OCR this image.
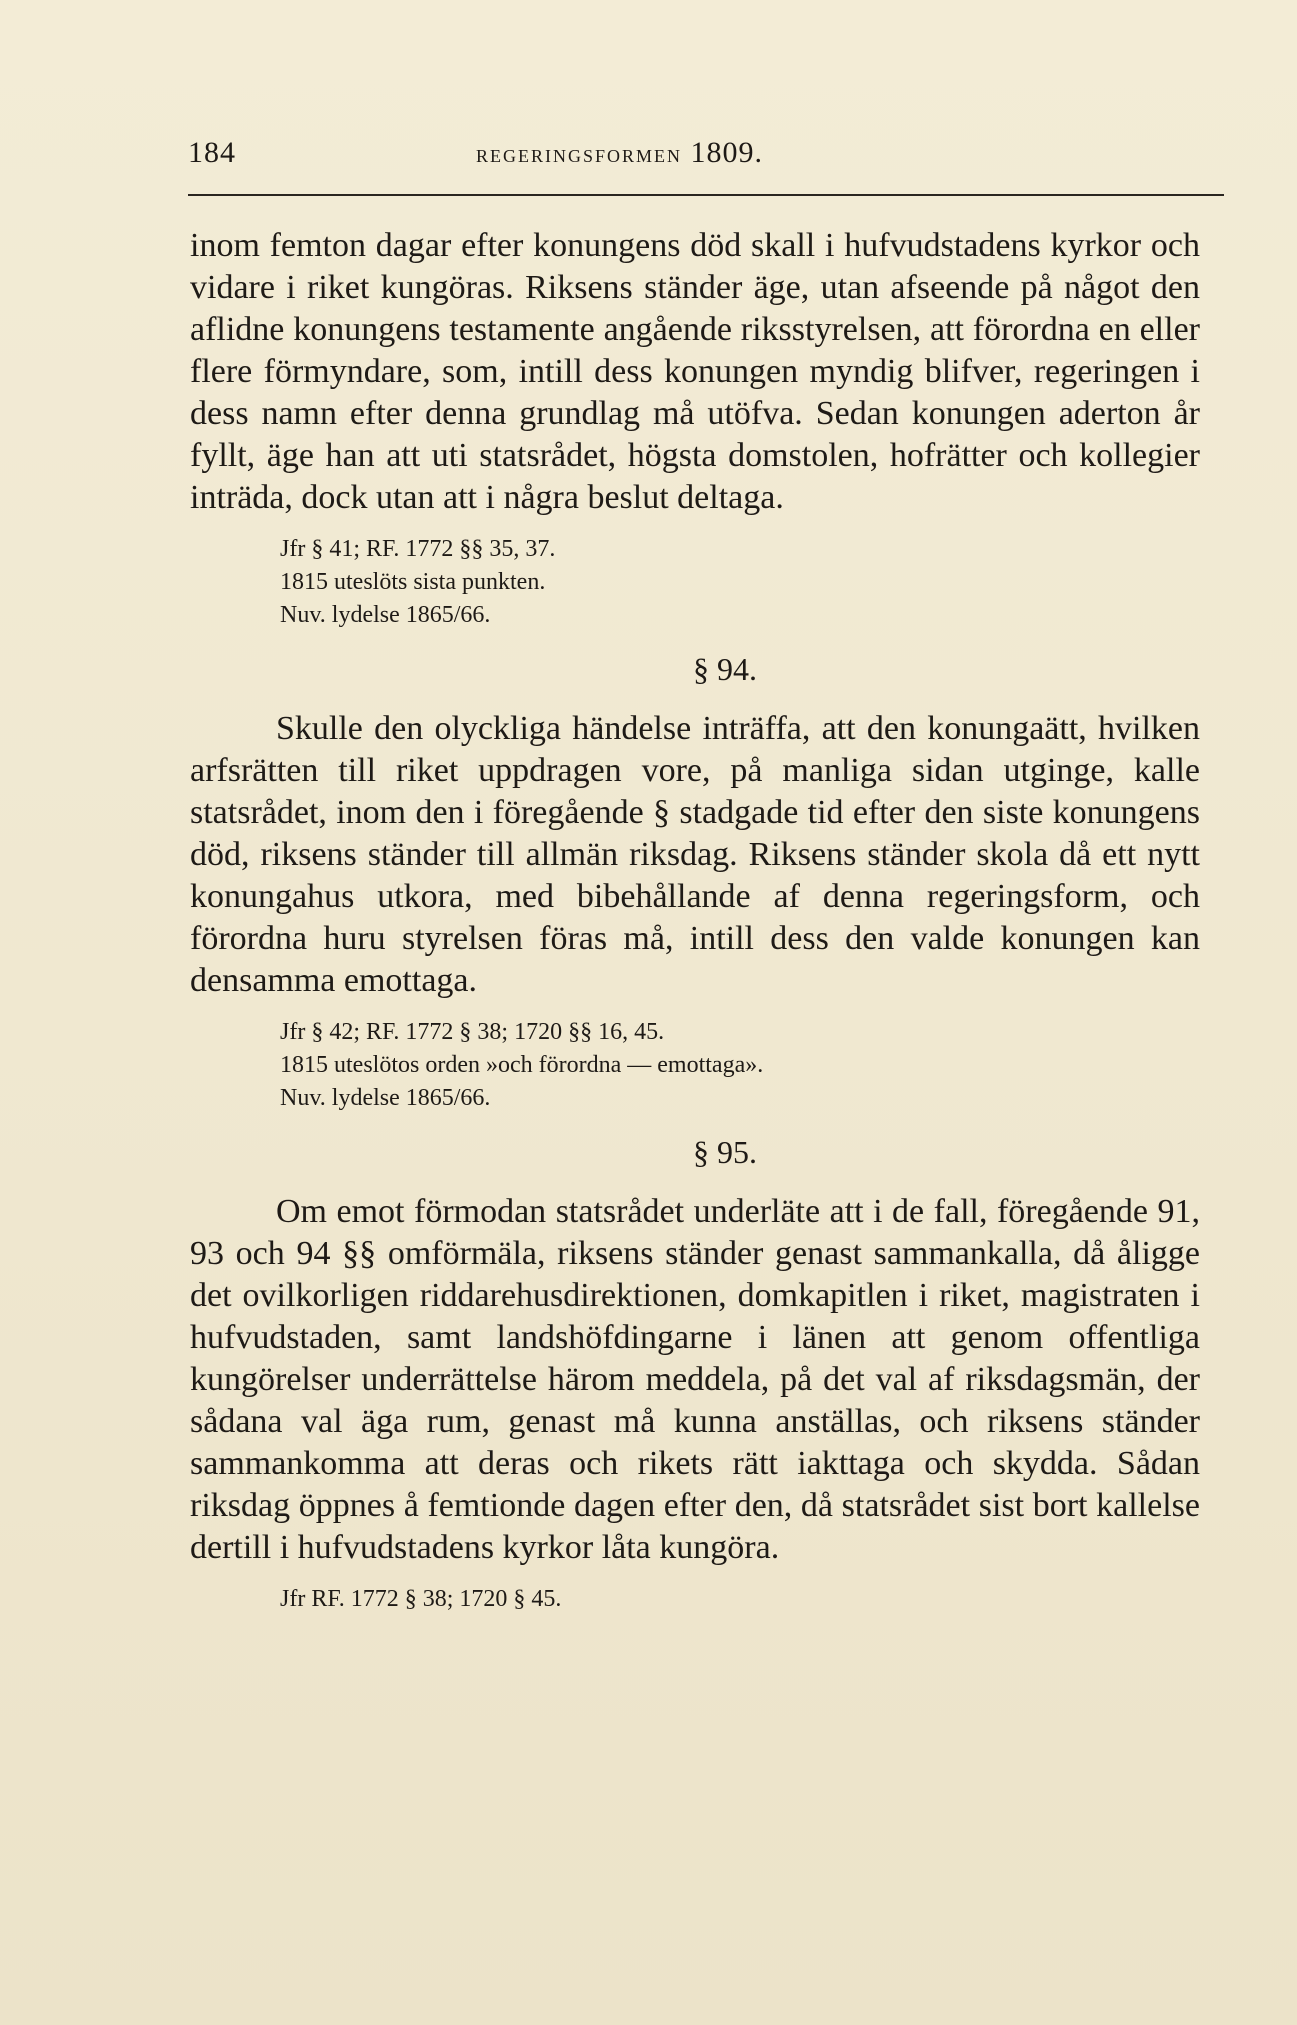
184	REGERINGSFORMEN 1809.

inom femton dagar efter konungens död skall i hufvudstadens kyrkor och vidare i riket kungöras. Riksens ständer äge, utan afseende på något den aflidne konungens testamente angående riksstyrelsen, att förordna en eller flere förmyndare, som, intill dess konungen myndig blifver, regeringen i dess namn efter denna grundlag må utöfva. Sedan konungen aderton år fyllt, äge han att uti statsrådet, högsta domstolen, hofrätter och kollegier inträda, dock utan att i några beslut deltaga.

Jfr § 41; RF. 1772 §§ 35, 37.
1815 uteslöts sista punkten.
Nuv. lydelse 1865/66.
§ 94.

Skulle den olyckliga händelse inträffa, att den konungaätt, hvilken arfsrätten till riket uppdragen vore, på manliga sidan utginge, kalle statsrådet, inom den i föregående § stadgade tid efter den siste konungens död, riksens ständer till allmän riksdag. Riksens ständer skola då ett nytt konungahus utkora, med bibehållande af denna regeringsform, och förordna huru styrelsen föras må, intill dess den valde konungen kan densamma emottaga.

Jfr § 42; RF. 1772 § 38; 1720 §§ 16, 45.
1815 uteslötos orden »och förordna — emottaga».
Nuv. lydelse 1865/66.
§ 95.

Om emot förmodan statsrådet underläte att i de fall, föregående 91, 93 och 94 §§ omförmäla, riksens ständer genast sammankalla, då åligge det ovilkorligen riddarehusdirektionen, domkapitlen i riket, magistraten i hufvudstaden, samt landshöfdingarne i länen att genom offentliga kungörelser underrättelse härom meddela, på det val af riksdagsmän, der sådana val äga rum, genast må kunna anställas, och riksens ständer sammankomma att deras och rikets rätt iakttaga och skydda. Sådan riksdag öppnes å femtionde dagen efter den, då statsrådet sist bort kallelse dertill i hufvudstadens kyrkor låta kungöra.

Jfr RF. 1772 § 38; 1720 § 45.
